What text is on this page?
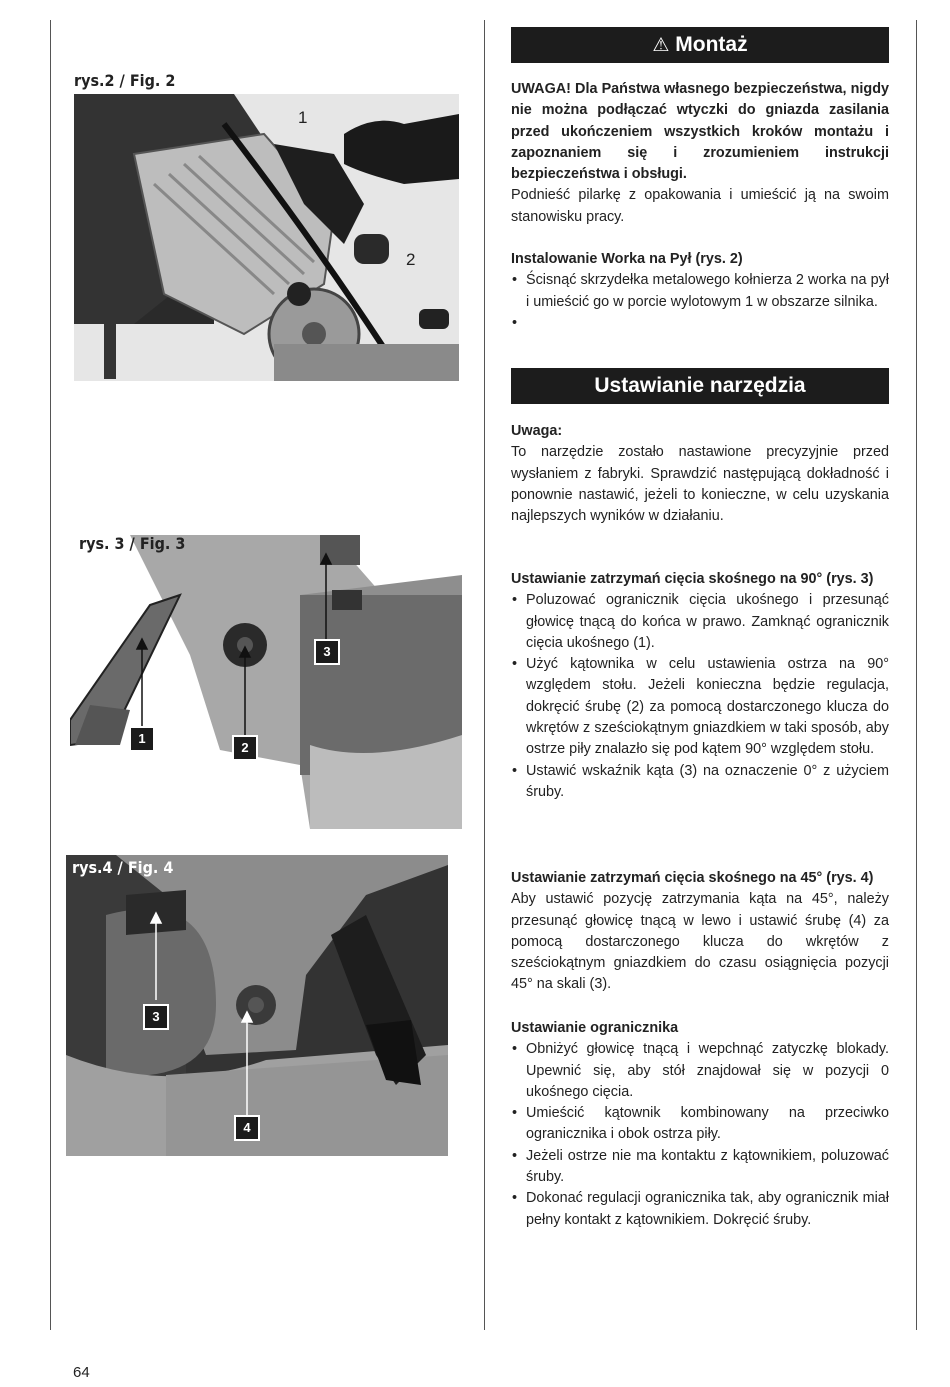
rys.2 / Fig. 2
1
2
rys. 3 / Fig. 3
1
2
3
rys.4 / Fig. 4
3
4
⚠ Montaż

UWAGA! Dla Państwa własnego bezpieczeństwa, nigdy nie można podłączać wtyczki do gniazda zasilania przed ukończeniem wszystkich kroków montażu i zapoznaniem się i zrozumieniem instrukcji bezpieczeństwa i obsługi.

Podnieść pilarkę z opakowania i umieścić ją na swoim stanowisku pracy.

Instalowanie Worka na Pył (rys. 2)

• Ścisnąć skrzydełka metalowego kołnierza 2 worka na pył i umieścić go w porcie wylotowym 1 w obszarze silnika.
•
Ustawianie narzędzia

Uwaga:

To narzędzie zostało nastawione precyzyjnie przed wysłaniem z fabryki. Sprawdzić następującą dokładność i ponownie nastawić, jeżeli to konieczne, w celu uzyskania najlepszych wyników w działaniu.

Ustawianie zatrzymań cięcia skośnego na 90° (rys. 3)

• Poluzować ogranicznik cięcia ukośnego i przesunąć głowicę tnącą do końca w prawo. Zamknąć ogranicznik cięcia ukośnego (1).
• Użyć kątownika w celu ustawienia ostrza na 90° względem stołu. Jeżeli konieczna będzie regulacja, dokręcić śrubę (2) za pomocą dostarczonego klucza do wkrętów z sześciokątnym gniazdkiem w taki sposób, aby ostrze piły znalazło się pod kątem 90° względem stołu.
• Ustawić wskaźnik kąta (3) na oznaczenie 0° z użyciem śruby.

Ustawianie zatrzymań cięcia skośnego na 45° (rys. 4)

Aby ustawić pozycję zatrzymania kąta na 45°, należy przesunąć głowicę tnącą w lewo i ustawić śrubę (4) za pomocą dostarczonego klucza do wkrętów z sześciokątnym gniazdkiem do czasu osiągnięcia pozycji 45° na skali (3).

Ustawianie ogranicznika

• Obniżyć głowicę tnącą i wepchnąć zatyczkę blokady. Upewnić się, aby stół znajdował się w pozycji 0 ukośnego cięcia.
• Umieścić kątownik kombinowany na przeciwko ogranicznika i obok ostrza piły.
• Jeżeli ostrze nie ma kontaktu z kątownikiem, poluzować śruby.
• Dokonać regulacji ogranicznika tak, aby ogranicznik miał pełny kontakt z kątownikiem. Dokręcić śruby.
64
